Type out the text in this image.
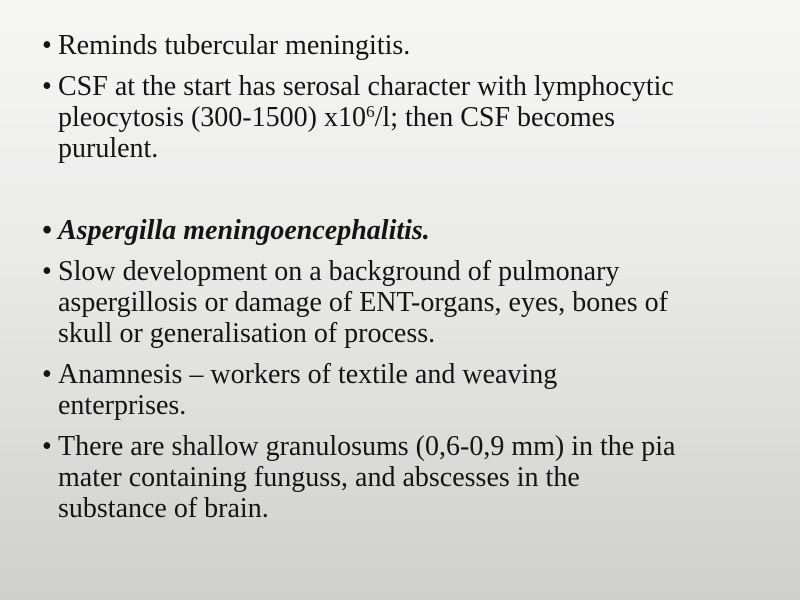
• Reminds tubercular meningitis.
• CSF at the start has serosal character with lymphocytic
pleocytosis (300-1500) $x10^6/l$; then CSF becomes
purulent.
• Aspergilla meningoencephalitis.
• Slow development on a background of pulmonary
aspergillosis or damage of ENT-organs, eyes, bones of
skull or generalisation of process.
• Anamnesis – workers of textile and weaving
enterprises.
• There are shallow granulosums (0,6-0,9 mm) in the pia
mater containing funguss, and abscesses in the
substance of brain.
